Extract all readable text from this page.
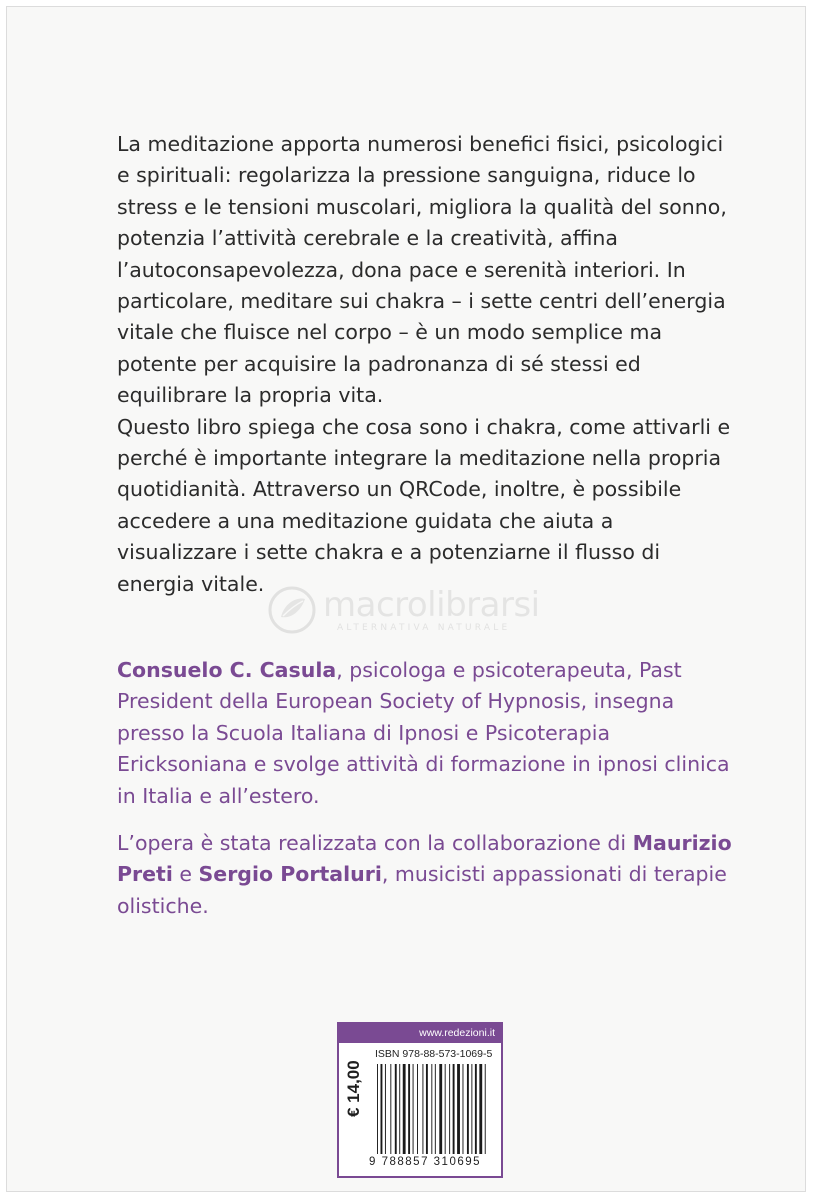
La meditazione apporta numerosi benefici fisici, psicologici e spirituali: regolarizza la pressione sanguigna, riduce lo stress e le tensioni muscolari, migliora la qualità del sonno, potenzia l’attività cerebrale e la creatività, affina l’autoconsapevolezza, dona pace e serenità interiori. In particolare, meditare sui chakra – i sette centri dell’energia vitale che fluisce nel corpo – è un modo semplice ma potente per acquisire la padronanza di sé stessi ed equilibrare la propria vita.

Questo libro spiega che cosa sono i chakra, come attivarli e perché è importante integrare la meditazione nella propria quotidianità. Attraverso un QRCode, inoltre, è possibile accedere a una meditazione guidata che aiuta a visualizzare i sette chakra e a potenziarne il flusso di energia vitale.

macrolibrarsi
ALTERNATIVA NATURALE

Consuelo C. Casula, psicologa e psicoterapeuta, Past President della European Society of Hypnosis, insegna presso la Scuola Italiana di Ipnosi e Psicoterapia Ericksoniana e svolge attività di formazione in ipnosi clinica in Italia e all’estero.

L’opera è stata realizzata con la collaborazione di Maurizio Preti e Sergio Portaluri, musicisti appassionati di terapie olistiche.

www.redezioni.it
€ 14,00
ISBN 978-88-573-1069-5
9 788857 310695
